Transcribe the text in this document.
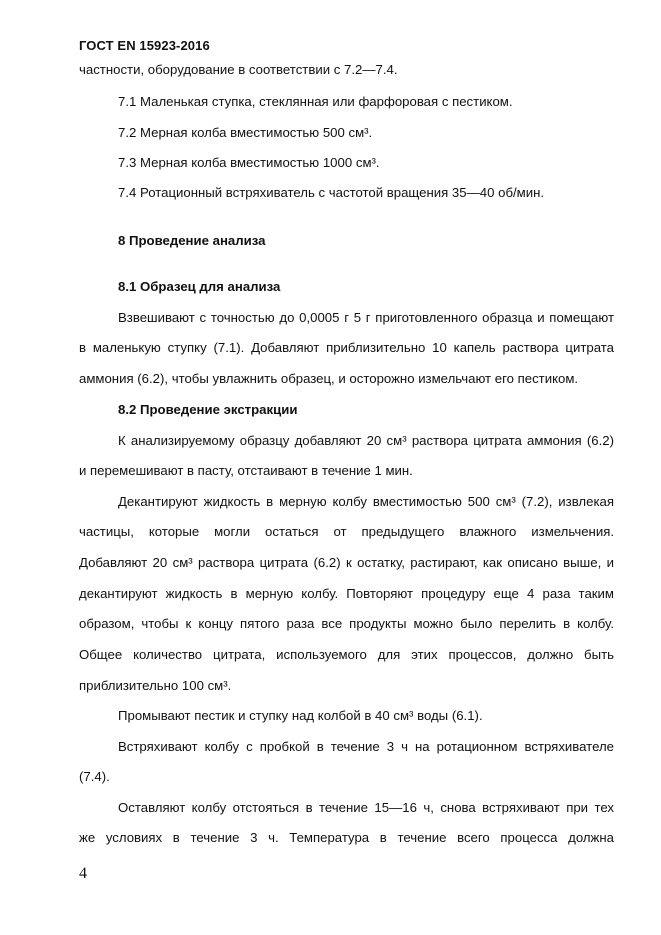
ГОСТ EN 15923-2016
частности, оборудование в соответствии с 7.2—7.4.
7.1 Маленькая ступка, стеклянная или фарфоровая с пестиком.
7.2 Мерная колба вместимостью 500 см³.
7.3 Мерная колба вместимостью 1000 см³.
7.4 Ротационный встряхиватель с частотой вращения 35—40 об/мин.
8 Проведение анализа
8.1 Образец для анализа
Взвешивают с точностью до 0,0005 г 5 г приготовленного образца и помещают
в маленькую ступку (7.1). Добавляют приблизительно 10 капель раствора цитрата
аммония (6.2), чтобы увлажнить образец, и осторожно измельчают его пестиком.
8.2 Проведение экстракции
К анализируемому образцу добавляют 20 см³ раствора цитрата аммония (6.2)
и перемешивают в пасту, отстаивают в течение 1 мин.
Декантируют жидкость в мерную колбу вместимостью 500 см³ (7.2), извлекая
частицы, которые могли остаться от предыдущего влажного измельчения.
Добавляют 20 см³ раствора цитрата (6.2) к остатку, растирают, как описано выше, и
декантируют жидкость в мерную колбу. Повторяют процедуру еще 4 раза таким
образом, чтобы к концу пятого раза все продукты можно было перелить в колбу.
Общее количество цитрата, используемого для этих процессов, должно быть
приблизительно 100 см³.
Промывают пестик и ступку над колбой в 40 см³ воды (6.1).
Встряхивают колбу с пробкой в течение 3 ч на ротационном встряхивателе
(7.4).
Оставляют колбу отстояться в течение 15—16 ч, снова встряхивают при тех
же условиях в течение 3 ч. Температура в течение всего процесса должна
4
